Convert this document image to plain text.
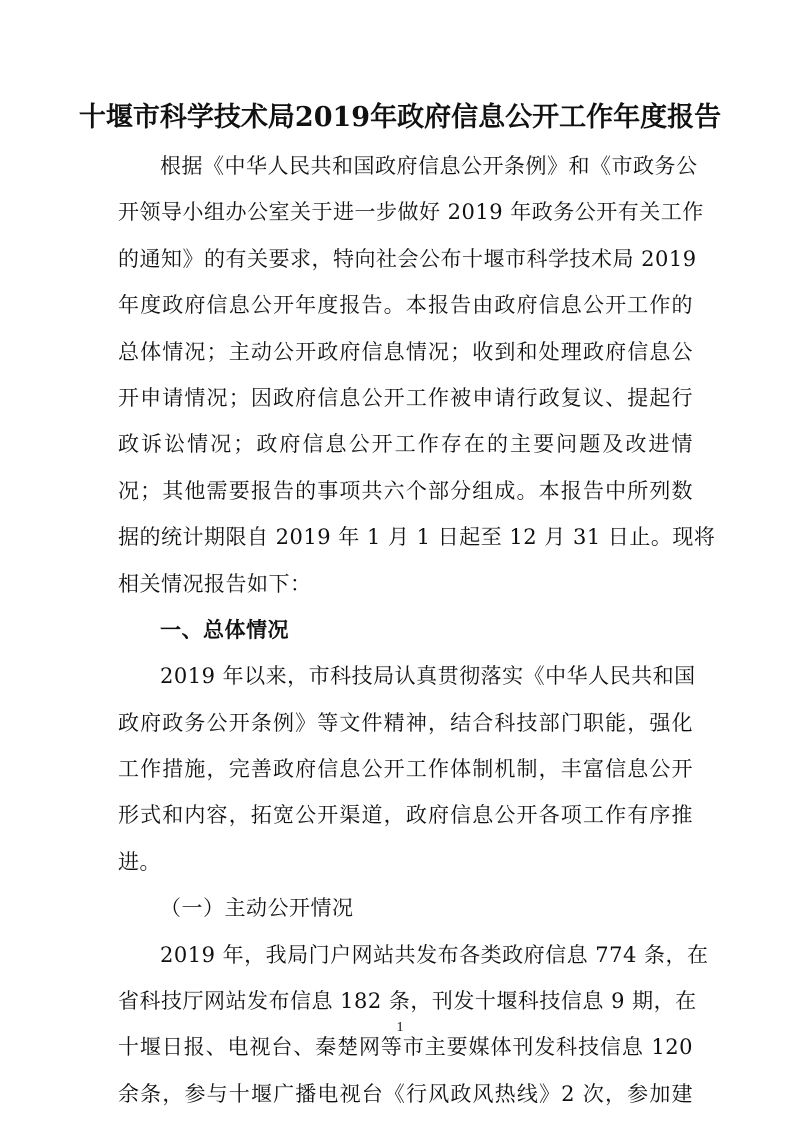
十堰市科学技术局2019年政府信息公开工作年度报告
根据《中华人民共和国政府信息公开条例》和《市政务公
开领导小组办公室关于进一步做好 2019 年政务公开有关工作
的通知》的有关要求，特向社会公布十堰市科学技术局 2019
年度政府信息公开年度报告。本报告由政府信息公开工作的
总体情况；主动公开政府信息情况；收到和处理政府信息公
开申请情况；因政府信息公开工作被申请行政复议、提起行
政诉讼情况；政府信息公开工作存在的主要问题及改进情
况；其他需要报告的事项共六个部分组成。本报告中所列数
据的统计期限自 2019 年 1 月 1 日起至 12 月 31 日止。现将
相关情况报告如下：
一、总体情况
2019 年以来，市科技局认真贯彻落实《中华人民共和国
政府政务公开条例》等文件精神，结合科技部门职能，强化
工作措施，完善政府信息公开工作体制机制，丰富信息公开
形式和内容，拓宽公开渠道，政府信息公开各项工作有序推
进。
（一）主动公开情况
2019 年，我局门户网站共发布各类政府信息 774 条，在
省科技厅网站发布信息 182 条，刊发十堰科技信息 9 期，在
十堰日报、电视台、秦楚网等市主要媒体刊发科技信息 120
余条，参与十堰广播电视台《行风政风热线》2 次，参加建
1
